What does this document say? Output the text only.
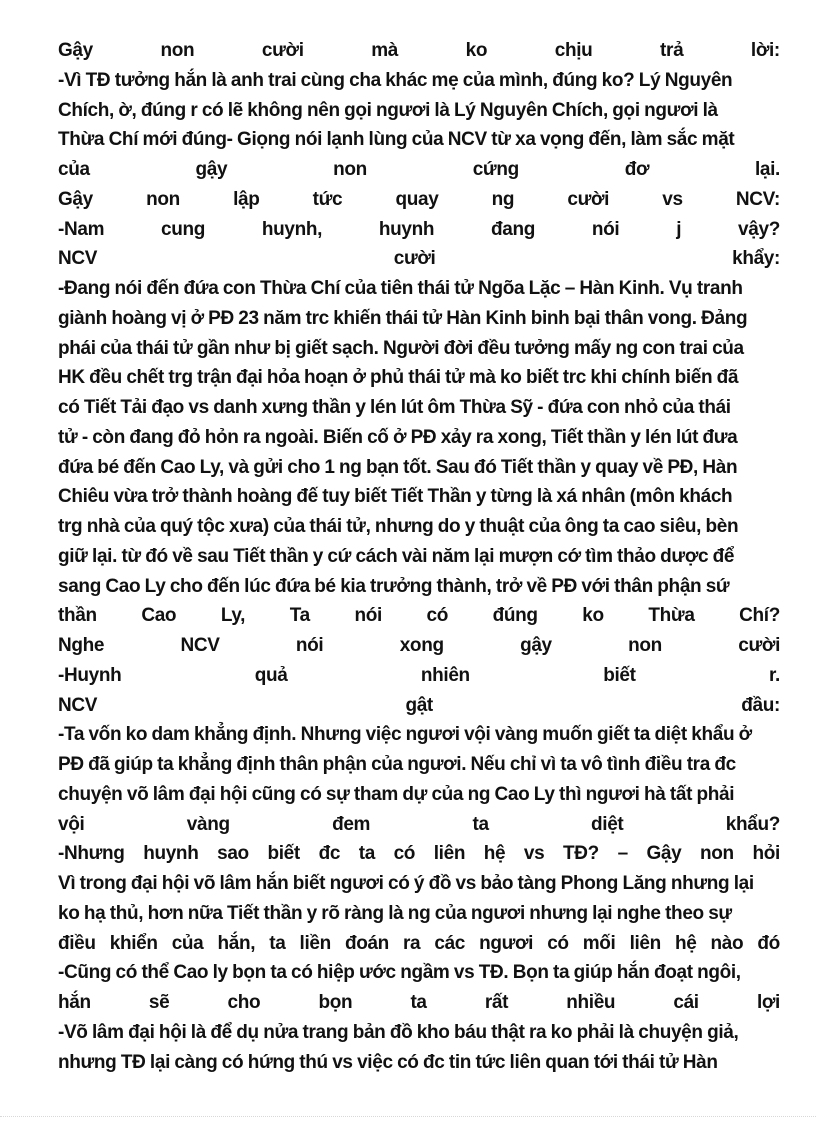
Gậy	non	cười	mà	ko	chịu	trả	lời:
-Vì TĐ tưởng hắn là anh trai cùng cha khác mẹ của mình, đúng ko? Lý Nguyên
Chích, ờ, đúng r có lẽ không nên gọi ngươi là Lý Nguyên Chích, gọi ngươi là
Thừa Chí mới đúng- Giọng nói lạnh lùng của NCV từ xa vọng đến, làm sắc mặt
của	gậy	non	cứng	đơ	lại.
Gậy	non	lập	tức	quay	ng	cười	vs	NCV:
-Nam	cung	huynh,	huynh	đang	nói	j	vậy?
NCV	cười	khẩy:
-Đang nói đến đứa con Thừa Chí của tiên thái tử Ngõa Lặc – Hàn Kinh. Vụ tranh
giành hoàng vị ở PĐ 23 năm trc khiến thái tử Hàn Kinh binh bại thân vong. Đảng
phái của thái tử gần như bị giết sạch. Người đời đều tưởng mấy ng con trai của
HK đều chết trg trận đại hỏa hoạn ở phủ thái tử mà ko biết trc khi chính biến đã
có Tiết Tải đạo vs danh xưng thần y lén lút ôm Thừa Sỹ - đứa con nhỏ của thái
tử - còn đang đỏ hỏn ra ngoài. Biến cố ở PĐ xảy ra xong, Tiết thần y lén lút đưa
đứa bé đến Cao Ly, và gửi cho 1 ng bạn tốt. Sau đó Tiết thần y quay về PĐ, Hàn
Chiêu vừa trở thành hoàng đế tuy biết Tiết Thần y từng là xá nhân (môn khách
trg nhà của quý tộc xưa) của thái tử, nhưng do y thuật của ông ta cao siêu, bèn
giữ lại. từ đó về sau Tiết thần y cứ cách vài năm lại mượn cớ tìm thảo dược để
sang Cao Ly cho đến lúc đứa bé kia trưởng thành, trở về PĐ với thân phận sứ
thần Cao Ly, Ta nói có đúng ko Thừa Chí?
Nghe	NCV	nói	xong	gậy	non	cười
-Huynh	quả	nhiên	biết	r.
NCV	gật	đầu:
-Ta vốn ko dam khẳng định. Nhưng việc ngươi vội vàng muốn giết ta diệt khẩu ở
PĐ đã giúp ta khẳng định thân phận của ngươi. Nếu chỉ vì ta vô tình điều tra đc
chuyện võ lâm đại hội cũng có sự tham dự của ng Cao Ly thì ngươi hà tất phải
vội	vàng	đem	ta	diệt	khẩu?
-Nhưng huynh sao biết đc ta có liên hệ vs TĐ? – Gậy non hỏi
Vì trong đại hội võ lâm hắn biết ngươi có ý đồ vs bảo tàng Phong Lăng nhưng lại
ko hạ thủ, hơn nữa Tiết thần y rõ ràng là ng của ngươi nhưng lại nghe theo sự
điều khiển của hắn, ta liền đoán ra các ngươi có mối liên hệ nào đó
-Cũng có thể Cao ly bọn ta có hiệp ước ngầm vs TĐ. Bọn ta giúp hắn đoạt ngôi,
hắn	sẽ	cho	bọn	ta	rất	nhiều	cái	lợi
-Võ lâm đại hội là để dụ nửa trang bản đồ kho báu thật ra ko phải là chuyện giả,
nhưng TĐ lại càng có hứng thú vs việc có đc tin tức liên quan tới thái tử Hàn
